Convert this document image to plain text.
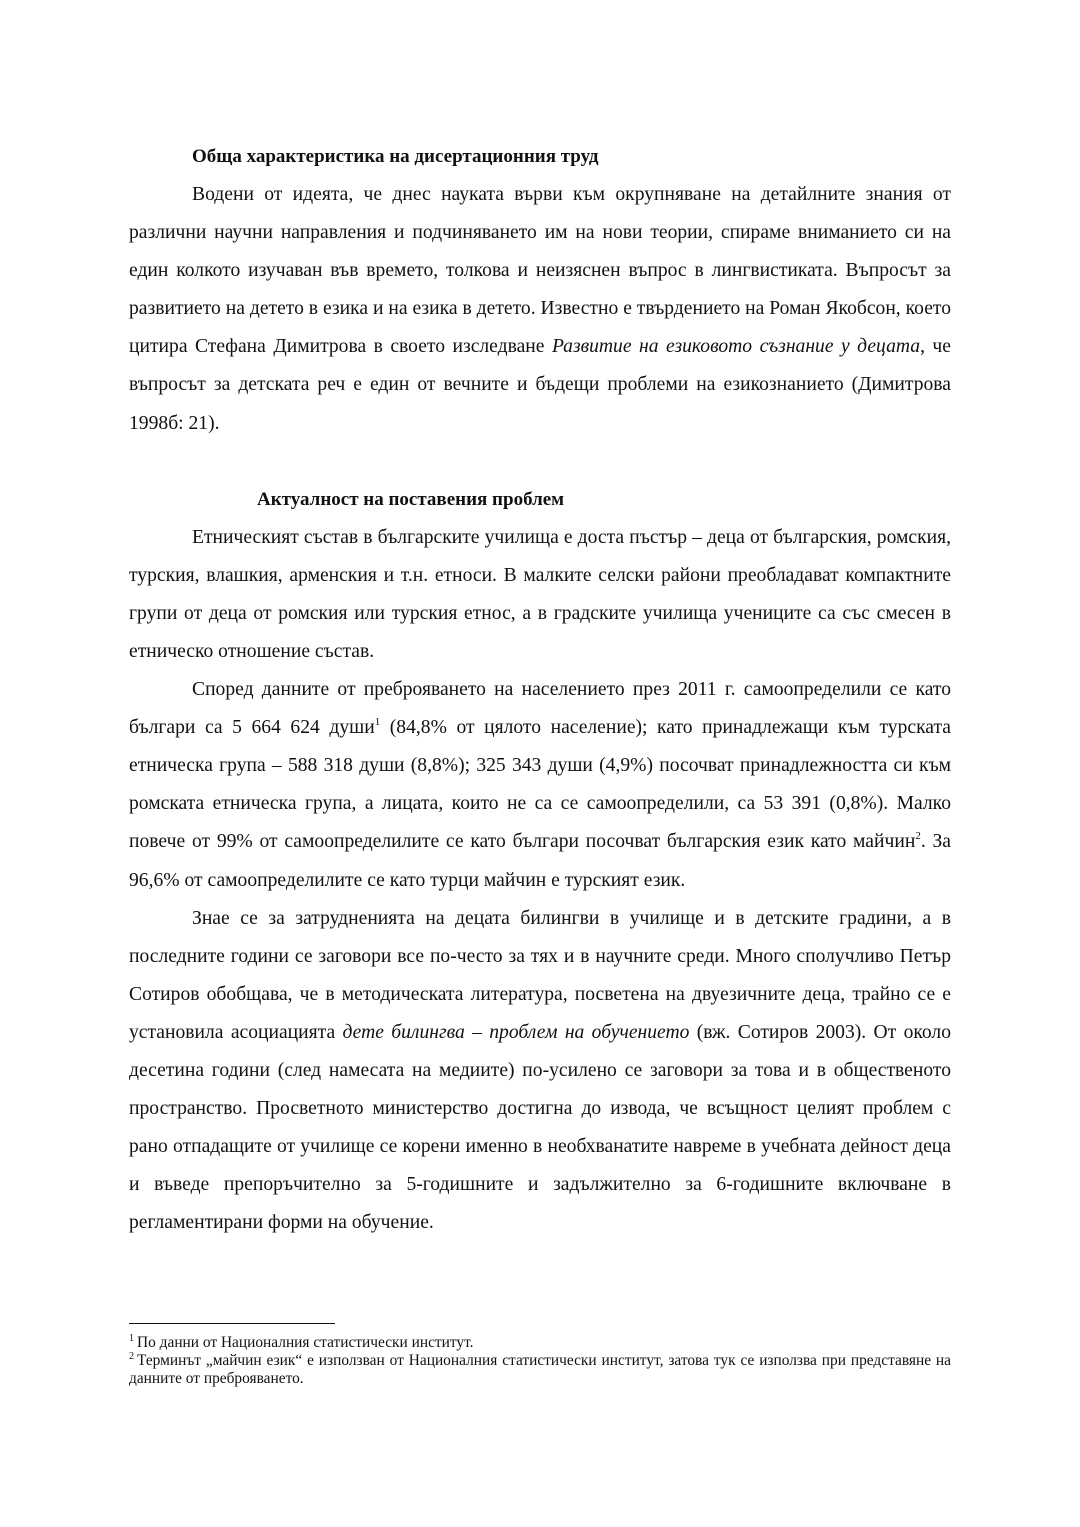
Обща характеристика на дисертационния труд

Водени от идеята, че днес науката върви към окрупняване на детайлните знания от различни научни направления и подчиняването им на нови теории, спираме вниманието си на един колкото изучаван във времето, толкова и неизяснен въпрос в лингвистиката. Въпросът за развитието на детето в езика и на езика в детето. Известно е твърдението на Роман Якобсон, което цитира Стефана Димитрова в своето изследване Развитие на езиковото съзнание у децата, че въпросът за детската реч е един от вечните и бъдещи проблеми на езикознанието (Димитрова 1998б: 21).

Актуалност на поставения проблем

Етническият състав в българските училища е доста пъстър – деца от българския, ромския, турския, влашкия, арменския и т.н. етноси. В малките селски райони преобладават компактните групи от деца от ромския или турския етнос, а в градските училища учениците са със смесен в етническо отношение състав.

Според данните от преброяването на населението през 2011 г. самоопределили се като българи са 5 664 624 души$^1$ (84,8% от цялото население); като принадлежащи към турската етническа група – 588 318 души (8,8%); 325 343 души (4,9%) посочват принадлежността си към ромската етническа група, а лицата, които не са се самоопределили, са 53 391 (0,8%). Малко повече от 99% от самоопределилите се като българи посочват българския език като майчин$^2$. За 96,6% от самоопределилите се като турци майчин е турският език.

Знае се за затрудненията на децата билингви в училище и в детските градини, а в последните години се заговори все по-често за тях и в научните среди. Много сполучливо Петър Сотиров обобщава, че в методическата литература, посветена на двуезичните деца, трайно се е установила асоциацията дете билингва – проблем на обучението (вж. Сотиров 2003). От около десетина години (след намесата на медиите) по-усилено се заговори за това и в общественото пространство. Просветното министерство достигна до извода, че всъщност целият проблем с рано отпадащите от училище се корени именно в необхванатите навреме в учебната дейност деца и въведе препоръчително за 5-годишните и задължително за 6-годишните включване в регламентирани форми на обучение.

$^1$ По данни от Националния статистически институт.

$^2$ Терминът „майчин език“ е използван от Националния статистически институт, затова тук се използва при представяне на данните от преброяването.
